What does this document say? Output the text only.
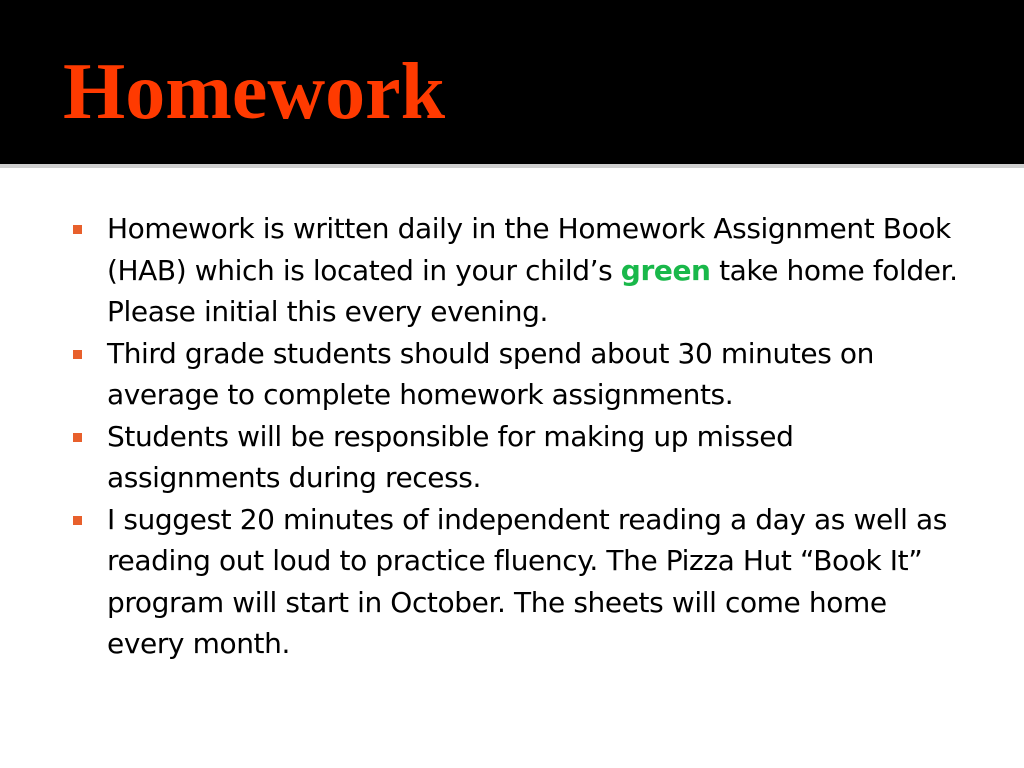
Homework
Homework is written daily in the Homework Assignment Book (HAB) which is located in your child’s green take home folder. Please initial this every evening.
Third grade students should spend about 30 minutes on average to complete homework assignments.
Students will be responsible for making up missed assignments during recess.
I suggest 20 minutes of independent reading a day as well as reading out loud to practice fluency. The Pizza Hut “Book It” program will start in October. The sheets will come home every month.
